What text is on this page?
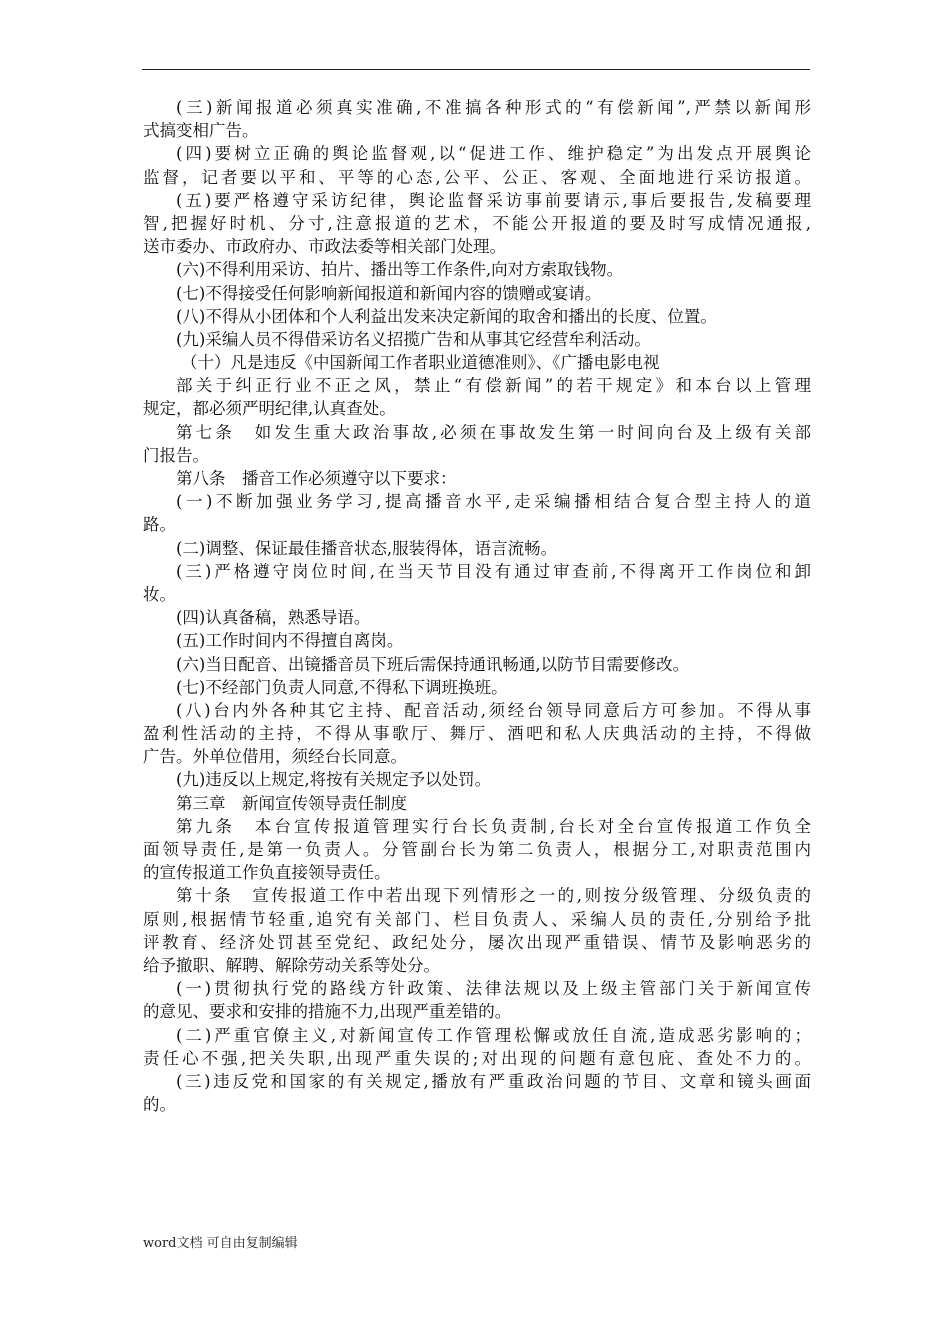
(三)新闻报道必须真实准确,不准搞各种形式的“有偿新闻”,严禁以新闻形
式搞变相广告。
(四)要树立正确的舆论监督观,以“促进工作、维护稳定”为出发点开展舆论
监督，记者要以平和、平等的心态,公平、公正、客观、全面地进行采访报道。
(五)要严格遵守采访纪律，舆论监督采访事前要请示,事后要报告,发稿要理
智,把握好时机、分寸,注意报道的艺术，不能公开报道的要及时写成情况通报,
送市委办、市政府办、市政法委等相关部门处理。
(六)不得利用采访、拍片、播出等工作条件,向对方索取钱物。
(七)不得接受任何影响新闻报道和新闻内容的馈赠或宴请。
(八)不得从小团体和个人利益出发来决定新闻的取舍和播出的长度、位置。
(九)采编人员不得借采访名义招揽广告和从事其它经营牟利活动。
（十）凡是违反《中国新闻工作者职业道德准则》、《广播电影电视
部关于纠正行业不正之风，禁止“有偿新闻”的若干规定》和本台以上管理
规定，都必须严明纪律,认真查处。
第七条　如发生重大政治事故,必须在事故发生第一时间向台及上级有关部
门报告。
第八条　播音工作必须遵守以下要求：
(一)不断加强业务学习,提高播音水平,走采编播相结合复合型主持人的道
路。
(二)调整、保证最佳播音状态,服装得体，语言流畅。
(三)严格遵守岗位时间,在当天节目没有通过审查前,不得离开工作岗位和卸
妆。
(四)认真备稿，熟悉导语。
(五)工作时间内不得擅自离岗。
(六)当日配音、出镜播音员下班后需保持通讯畅通,以防节目需要修改。
(七)不经部门负责人同意,不得私下调班换班。
(八)台内外各种其它主持、配音活动,须经台领导同意后方可参加。不得从事
盈利性活动的主持，不得从事歌厅、舞厅、酒吧和私人庆典活动的主持，不得做
广告。外单位借用，须经台长同意。
(九)违反以上规定,将按有关规定予以处罚。
第三章　新闻宣传领导责任制度
第九条　本台宣传报道管理实行台长负责制,台长对全台宣传报道工作负全
面领导责任,是第一负责人。分管副台长为第二负责人，根据分工,对职责范围内
的宣传报道工作负直接领导责任。
第十条　宣传报道工作中若出现下列情形之一的,则按分级管理、分级负责的
原则,根据情节轻重,追究有关部门、栏目负责人、采编人员的责任,分别给予批
评教育、经济处罚甚至党纪、政纪处分，屡次出现严重错误、情节及影响恶劣的
给予撤职、解聘、解除劳动关系等处分。
(一)贯彻执行党的路线方针政策、法律法规以及上级主管部门关于新闻宣传
的意见、要求和安排的措施不力,出现严重差错的。
(二)严重官僚主义,对新闻宣传工作管理松懈或放任自流,造成恶劣影响的；
责任心不强,把关失职,出现严重失误的;对出现的问题有意包庇、查处不力的。
(三)违反党和国家的有关规定,播放有严重政治问题的节目、文章和镜头画面
的。
word文档 可自由复制编辑
